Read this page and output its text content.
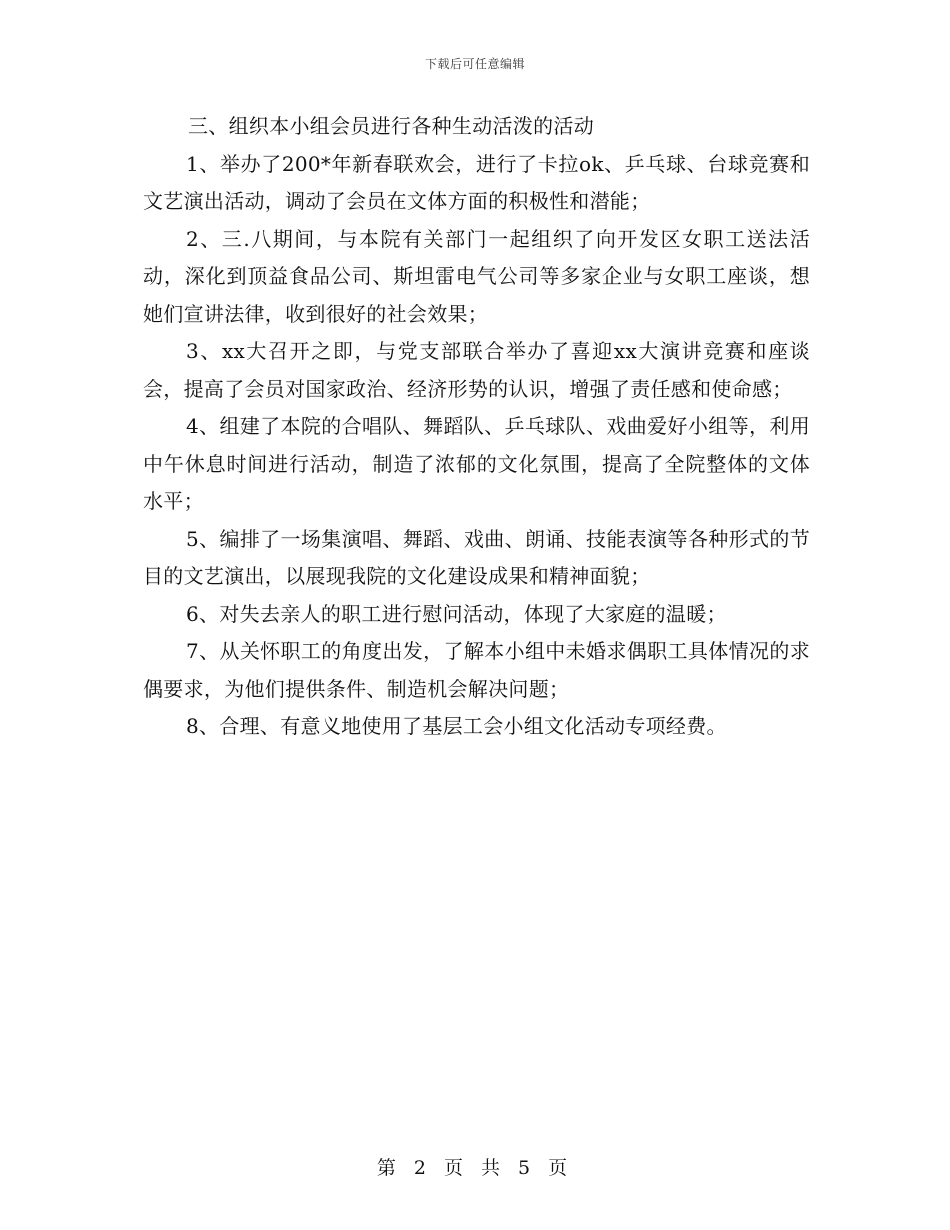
下载后可任意编辑

三、组织本小组会员进行各种生动活泼的活动

1、举办了200*年新春联欢会，进行了卡拉ok、乒乓球、台球竞赛和文艺演出活动，调动了会员在文体方面的积极性和潜能；

2、三.八期间，与本院有关部门一起组织了向开发区女职工送法活动，深化到顶益食品公司、斯坦雷电气公司等多家企业与女职工座谈，想她们宣讲法律，收到很好的社会效果；

3、xx大召开之即，与党支部联合举办了喜迎xx大演讲竞赛和座谈会，提高了会员对国家政治、经济形势的认识，增强了责任感和使命感；

4、组建了本院的合唱队、舞蹈队、乒乓球队、戏曲爱好小组等，利用中午休息时间进行活动，制造了浓郁的文化氛围，提高了全院整体的文体水平；

5、编排了一场集演唱、舞蹈、戏曲、朗诵、技能表演等各种形式的节目的文艺演出，以展现我院的文化建设成果和精神面貌；

6、对失去亲人的职工进行慰问活动，体现了大家庭的温暖；

7、从关怀职工的角度出发，了解本小组中未婚求偶职工具体情况的求偶要求，为他们提供条件、制造机会解决问题；

8、合理、有意义地使用了基层工会小组文化活动专项经费。

第 2 页 共 5 页
